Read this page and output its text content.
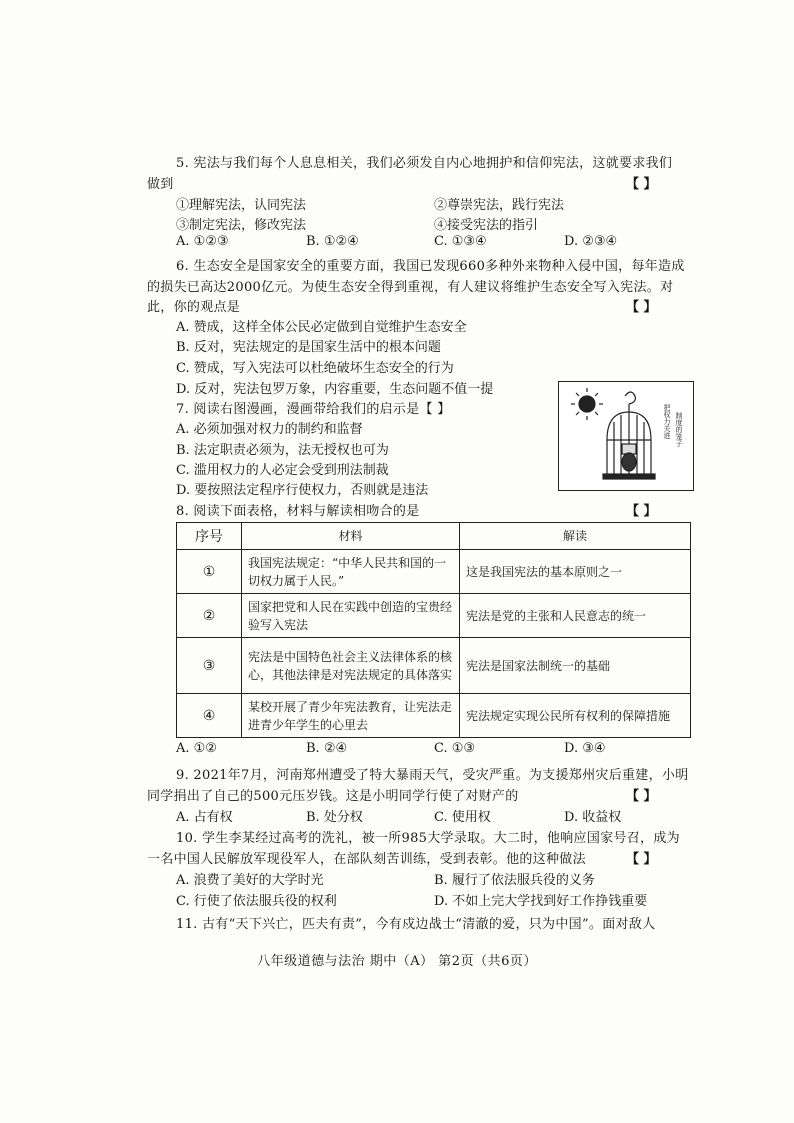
5. 宪法与我们每个人息息相关，我们必须发自内心地拥护和信仰宪法，这就要求我们
做到	【 】
①理解宪法，认同宪法	②尊崇宪法，践行宪法
③制定宪法，修改宪法	④接受宪法的指引
A. ①②③	B. ①②④	C. ①③④	D. ②③④
6. 生态安全是国家安全的重要方面，我国已发现660多种外来物种入侵中国，每年造成
的损失已高达2000亿元。为使生态安全得到重视，有人建议将维护生态安全写入宪法。对
此，你的观点是	【 】
A. 赞成，这样全体公民必定做到自觉维护生态安全
B. 反对，宪法规定的是国家生活中的根本问题
C. 赞成，写入宪法可以杜绝破坏生态安全的行为
D. 反对，宪法包罗万象，内容重要，生态问题不值一提
7. 阅读右图漫画，漫画带给我们的启示是【 】
A. 必须加强对权力的制约和监督
B. 法定职责必须为，法无授权也可为
C. 滥用权力的人必定会受到刑法制裁
D. 要按照法定程序行使权力，否则就是违法
把权力关进 制度的笼子
8. 阅读下面表格，材料与解读相吻合的是	【 】
序号	材料	解读
①	我国宪法规定：“中华人民共和国的一切权力属于人民。”	这是我国宪法的基本原则之一
②	国家把党和人民在实践中创造的宝贵经验写入宪法	宪法是党的主张和人民意志的统一
③	宪法是中国特色社会主义法律体系的核心，其他法律是对宪法规定的具体落实	宪法是国家法制统一的基础
④	某校开展了青少年宪法教育，让宪法走进青少年学生的心里去	宪法规定实现公民所有权利的保障措施
A. ①②	B. ②④	C. ①③	D. ③④
9. 2021年7月，河南郑州遭受了特大暴雨天气，受灾严重。为支援郑州灾后重建，小明
同学捐出了自己的500元压岁钱。这是小明同学行使了对财产的	【 】
A. 占有权	B. 处分权	C. 使用权	D. 收益权
10. 学生李某经过高考的洗礼，被一所985大学录取。大二时，他响应国家号召，成为
一名中国人民解放军现役军人，在部队刻苦训练，受到表彰。他的这种做法	【 】
A. 浪费了美好的大学时光	B. 履行了依法服兵役的义务
C. 行使了依法服兵役的权利	D. 不如上完大学找到好工作挣钱重要
11. 古有“天下兴亡，匹夫有责”，今有戍边战士“清澈的爱，只为中国”。面对敌人
八年级道德与法治 期中（A） 第2页（共6页）
